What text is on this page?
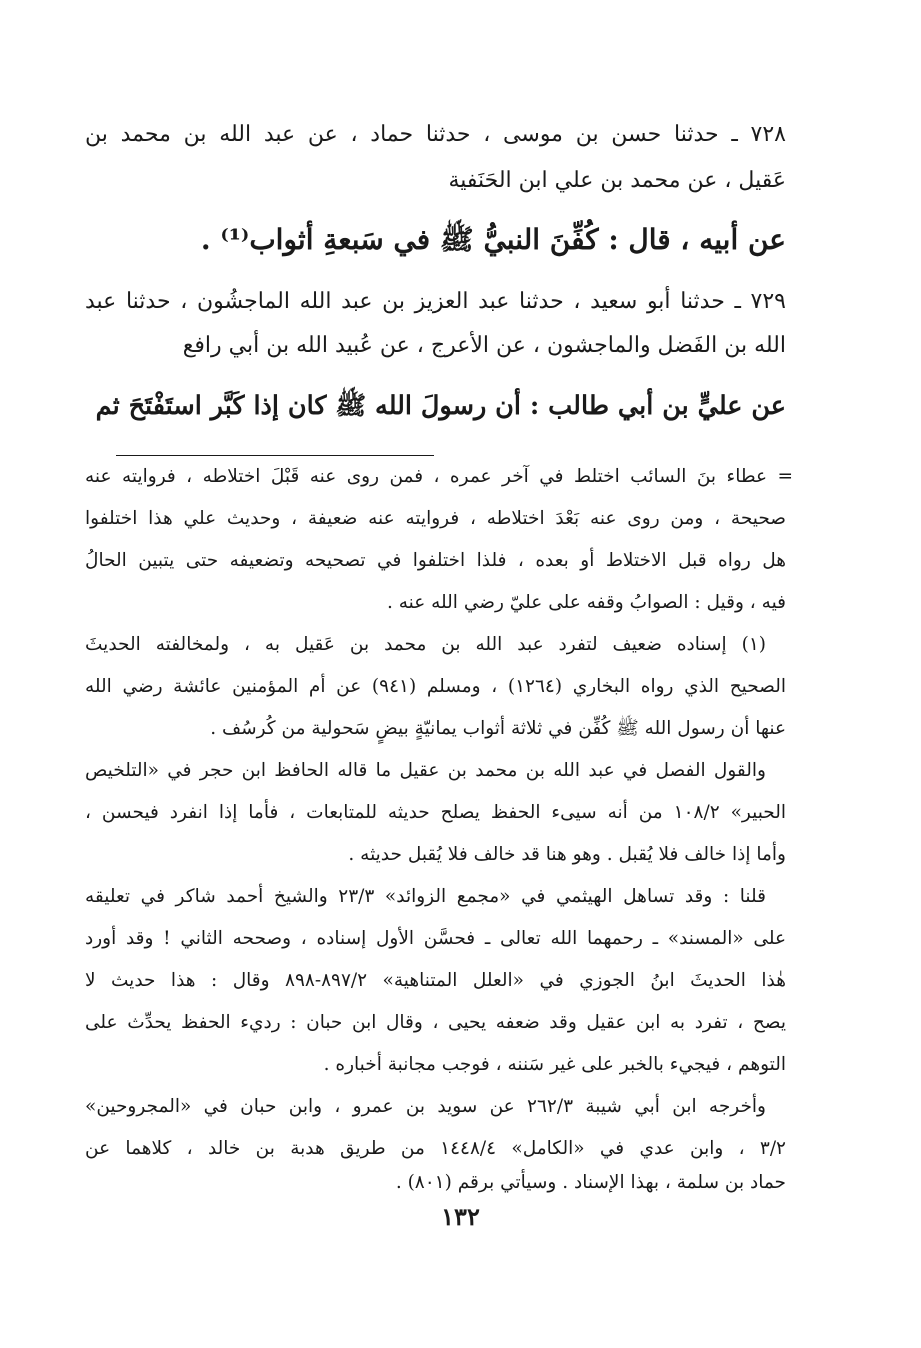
٧٢٨ ـ حدثنا حسن بن موسى ، حدثنا حماد ، عن عبد الله بن محمد بن

عَقيل ، عن محمد بن علي ابن الحَنَفية

عن أبيه ، قال : كُفِّنَ النبيُّ ﷺ في سَبعةِ أثواب⁽¹⁾ .

٧٢٩ ـ حدثنا أبو سعيد ، حدثنا عبد العزيز بن عبد الله الماجشُون ، حدثنا عبد

الله بن الفَضل والماجشون ، عن الأعرج ، عن عُبيد الله بن أبي رافع

عن عليٍّ بن أبي طالب : أن رسولَ الله ﷺ كان إذا كَبَّر استَفْتَحَ ثم

= عطاء بنَ السائب اختلط في آخر عمره ، فمن روى عنه قَبْلَ اختلاطه ، فروايته عنه

صحيحة ، ومن روى عنه بَعْدَ اختلاطه ، فروايته عنه ضعيفة ، وحديث علي هذا اختلفوا

هل رواه قبل الاختلاط أو بعده ، فلذا اختلفوا في تصحيحه وتضعيفه حتى يتبين الحالُ

فيه ، وقيل : الصوابُ وقفه على عليّ رضي الله عنه .

(١) إسناده ضعيف لتفرد عبد الله بن محمد بن عَقيل به ، ولمخالفته الحديثَ

الصحيح الذي رواه البخاري (١٢٦٤) ، ومسلم (٩٤١) عن أم المؤمنين عائشة رضي الله

عنها أن رسول الله ﷺ كُفِّن في ثلاثة أثواب يمانيّةٍ بيضٍ سَحولية من كُرسُف .

والقول الفصل في عبد الله بن محمد بن عقيل ما قاله الحافظ ابن حجر في «التلخيص

الحبير» ١٠٨/٢ من أنه سيىء الحفظ يصلح حديثه للمتابعات ، فأما إذا انفرد فيحسن ،

وأما إذا خالف فلا يُقبل . وهو هنا قد خالف فلا يُقبل حديثه .

قلنا : وقد تساهل الهيثمي في «مجمع الزوائد» ٢٣/٣ والشيخ أحمد شاكر في تعليقه

على «المسند» ـ رحمهما الله تعالى ـ فحسَّن الأول إسناده ، وصححه الثاني ! وقد أورد

هٰذا الحديثَ ابنُ الجوزي في «العلل المتناهية» ٨٩٧/٢-٨٩٨ وقال : هذا حديث لا

يصح ، تفرد به ابن عقيل وقد ضعفه يحيى ، وقال ابن حبان : رديء الحفظ يحدِّث على

التوهم ، فيجيء بالخبر على غير سَننه ، فوجب مجانبة أخباره .

وأخرجه ابن أبي شيبة ٢٦٢/٣ عن سويد بن عمرو ، وابن حبان في «المجروحين»

٣/٢ ، وابن عدي في «الكامل» ١٤٤٨/٤ من طريق هدبة بن خالد ، كلاهما عن

حماد بن سلمة ، بهذا الإسناد . وسيأتي برقم (٨٠١) .

١٣٢
